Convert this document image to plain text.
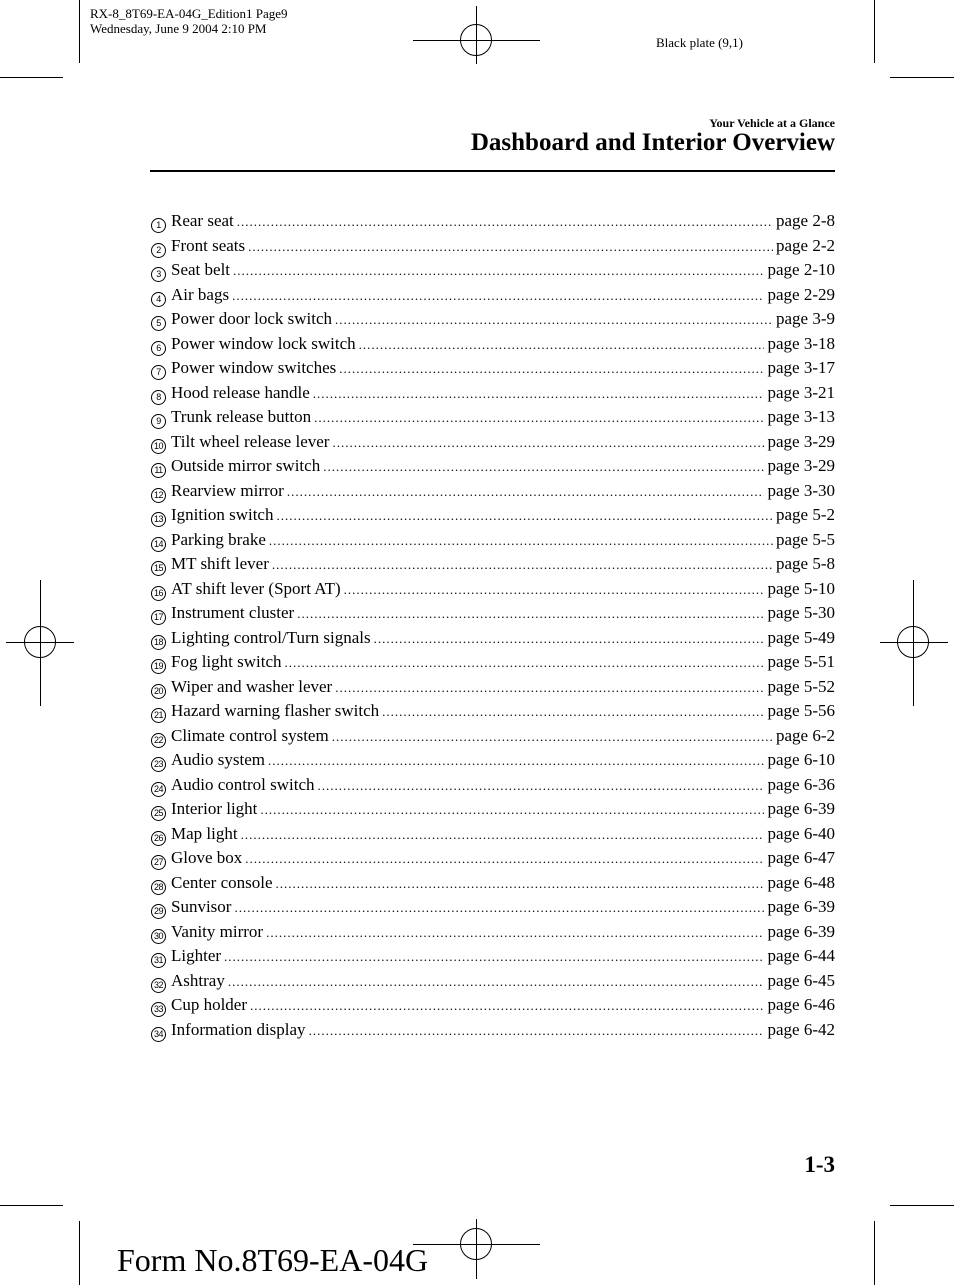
RX-8_8T69-EA-04G_Edition1 Page9
Wednesday, June 9 2004 2:10 PM
Black plate (9,1)
Your Vehicle at a Glance
Dashboard and Interior Overview
1 Rear seat .....	page 2-8
2 Front seats .....	page 2-2
3 Seat belt .....	page 2-10
4 Air bags .....	page 2-29
5 Power door lock switch .....	page 3-9
6 Power window lock switch .....	page 3-18
7 Power window switches .....	page 3-17
8 Hood release handle .....	page 3-21
9 Trunk release button .....	page 3-13
10 Tilt wheel release lever .....	page 3-29
11 Outside mirror switch .....	page 3-29
12 Rearview mirror .....	page 3-30
13 Ignition switch .....	page 5-2
14 Parking brake .....	page 5-5
15 MT shift lever .....	page 5-8
16 AT shift lever (Sport AT) .....	page 5-10
17 Instrument cluster .....	page 5-30
18 Lighting control/Turn signals .....	page 5-49
19 Fog light switch .....	page 5-51
20 Wiper and washer lever .....	page 5-52
21 Hazard warning flasher switch .....	page 5-56
22 Climate control system .....	page 6-2
23 Audio system .....	page 6-10
24 Audio control switch .....	page 6-36
25 Interior light .....	page 6-39
26 Map light .....	page 6-40
27 Glove box .....	page 6-47
28 Center console .....	page 6-48
29 Sunvisor .....	page 6-39
30 Vanity mirror .....	page 6-39
31 Lighter .....	page 6-44
32 Ashtray .....	page 6-45
33 Cup holder .....	page 6-46
34 Information display .....	page 6-42
1-3
Form No.8T69-EA-04G
